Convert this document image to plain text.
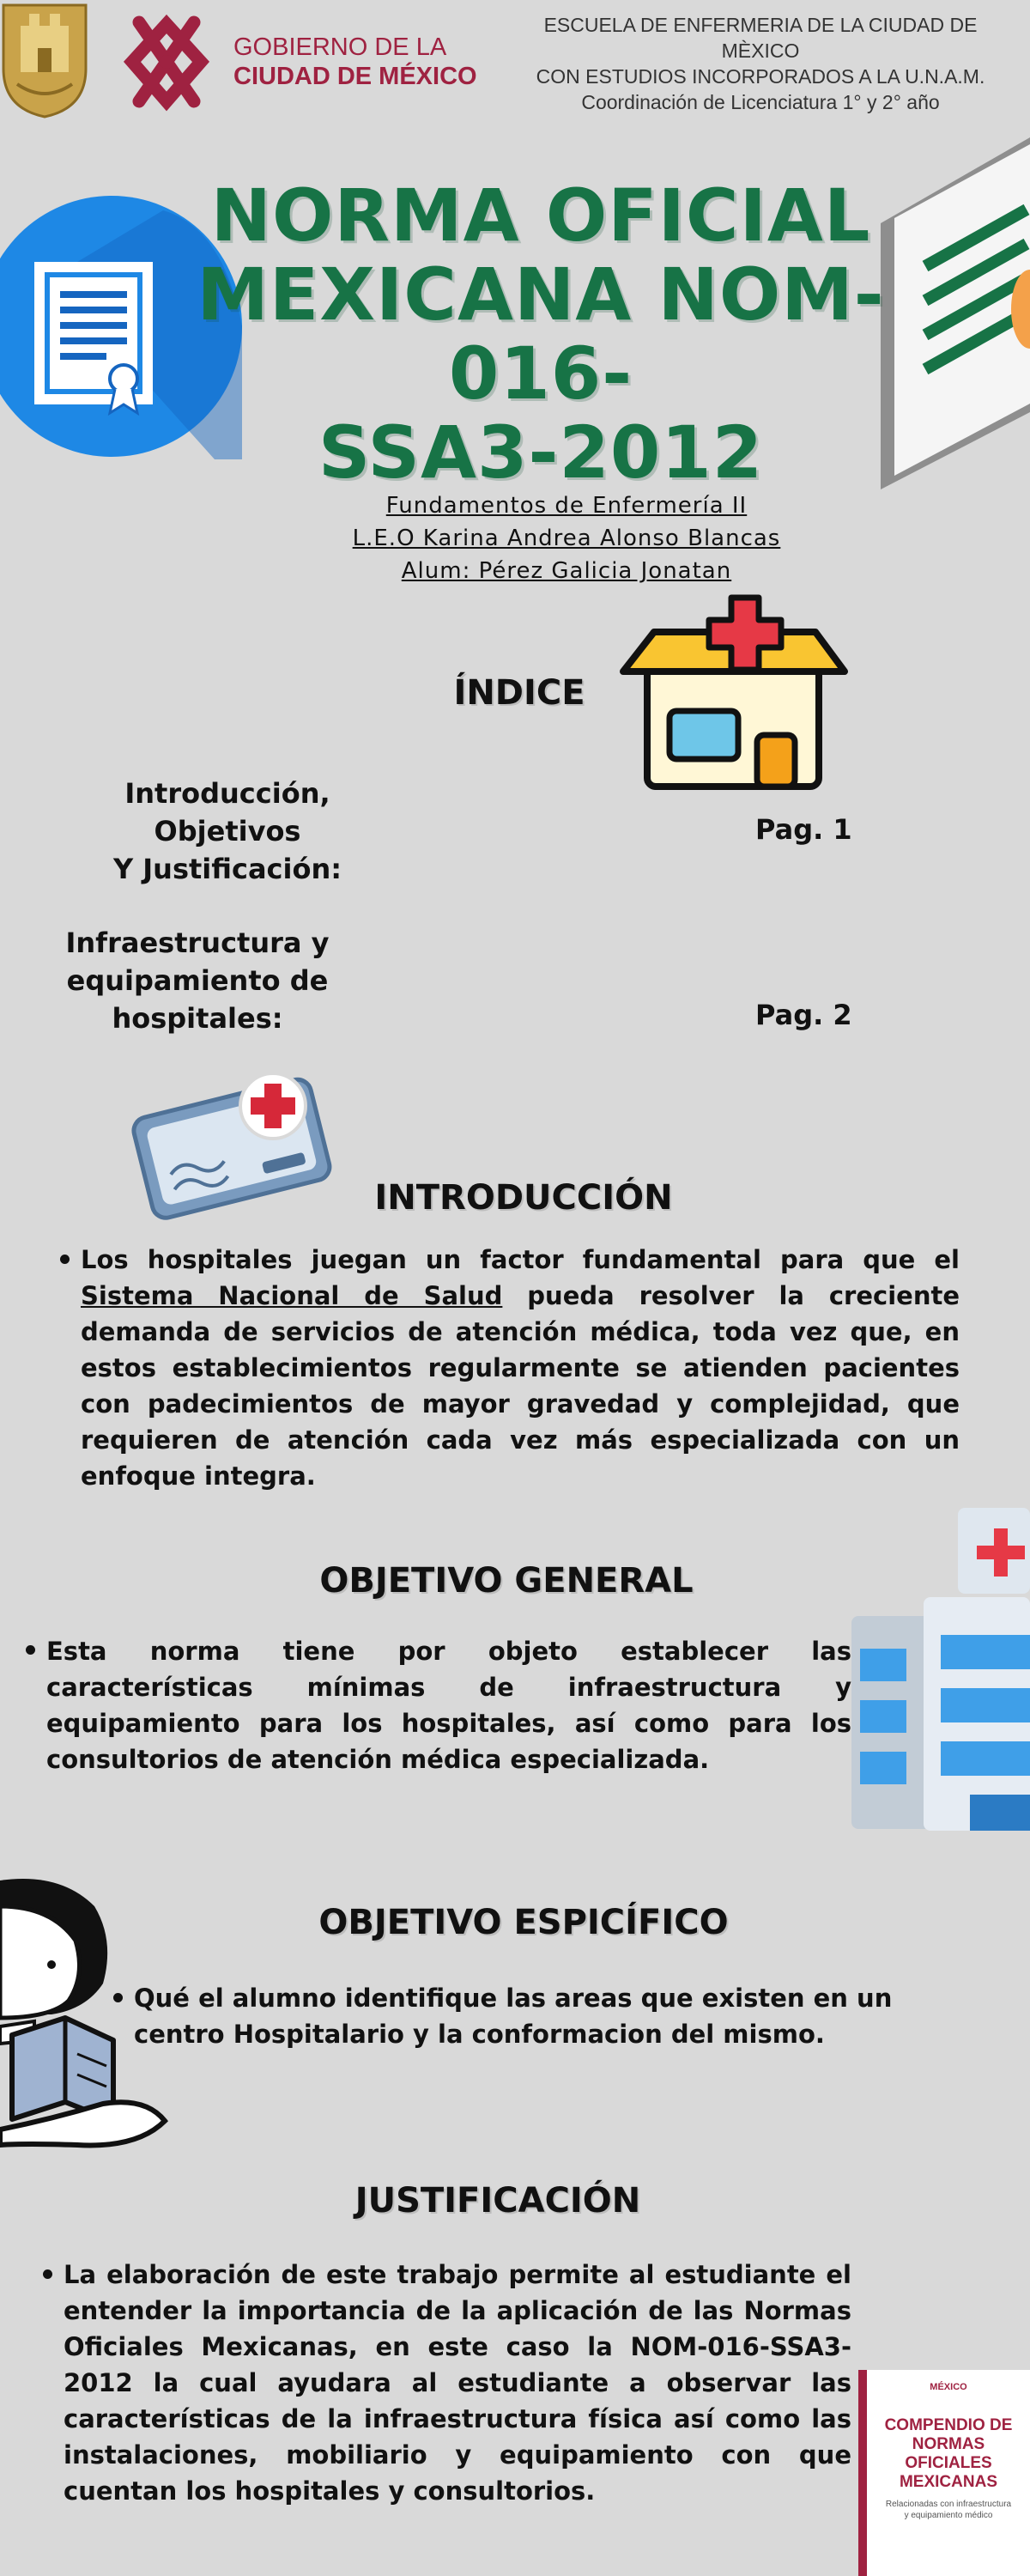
GOBIERNO DE LA
CIUDAD DE MÉXICO
ESCUELA DE ENFERMERIA DE LA CIUDAD DE MÈXICO
CON ESTUDIOS INCORPORADOS A LA U.N.A.M.
Coordinación de Licenciatura 1° y 2° año
NORMA OFICIAL
MEXICANA NOM-016-
SSA3-2012
Fundamentos de Enfermería II
L.E.O Karina Andrea Alonso Blancas
Alum: Pérez Galicia Jonatan
ÍNDICE
Introducción, Objetivos
Y Justificación:
Pag. 1
Infraestructura y
equipamiento de
hospitales:	Pag. 2
INTRODUCCIÓN
Los hospitales juegan un factor fundamental para que el Sistema Nacional de Salud pueda resolver la creciente demanda de servicios de atención médica, toda vez que, en estos establecimientos regularmente se atienden pacientes con padecimientos de mayor gravedad y complejidad, que requieren de atención cada vez más especializada con un enfoque integra.
OBJETIVO GENERAL
Esta norma tiene por objeto establecer las características mínimas de infraestructura y equipamiento para los hospitales, así como para los consultorios de atención médica especializada.
OBJETIVO ESPICÍFICO
Qué el alumno identifique las areas que existen en un centro Hospitalario y la conformacion del mismo.
JUSTIFICACIÓN
La elaboración de este trabajo permite al estudiante el entender la importancia de la aplicación de las Normas Oficiales Mexicanas, en este caso la NOM-016-SSA3-2012 la cual ayudara al estudiante a observar las características de la infraestructura física así como las instalaciones, mobiliario y equipamiento con que cuentan los hospitales y consultorios.
MÉXICO
COMPENDIO DE
NORMAS OFICIALES
MEXICANAS
Relacionadas con infraestructura
y equipamiento médico
